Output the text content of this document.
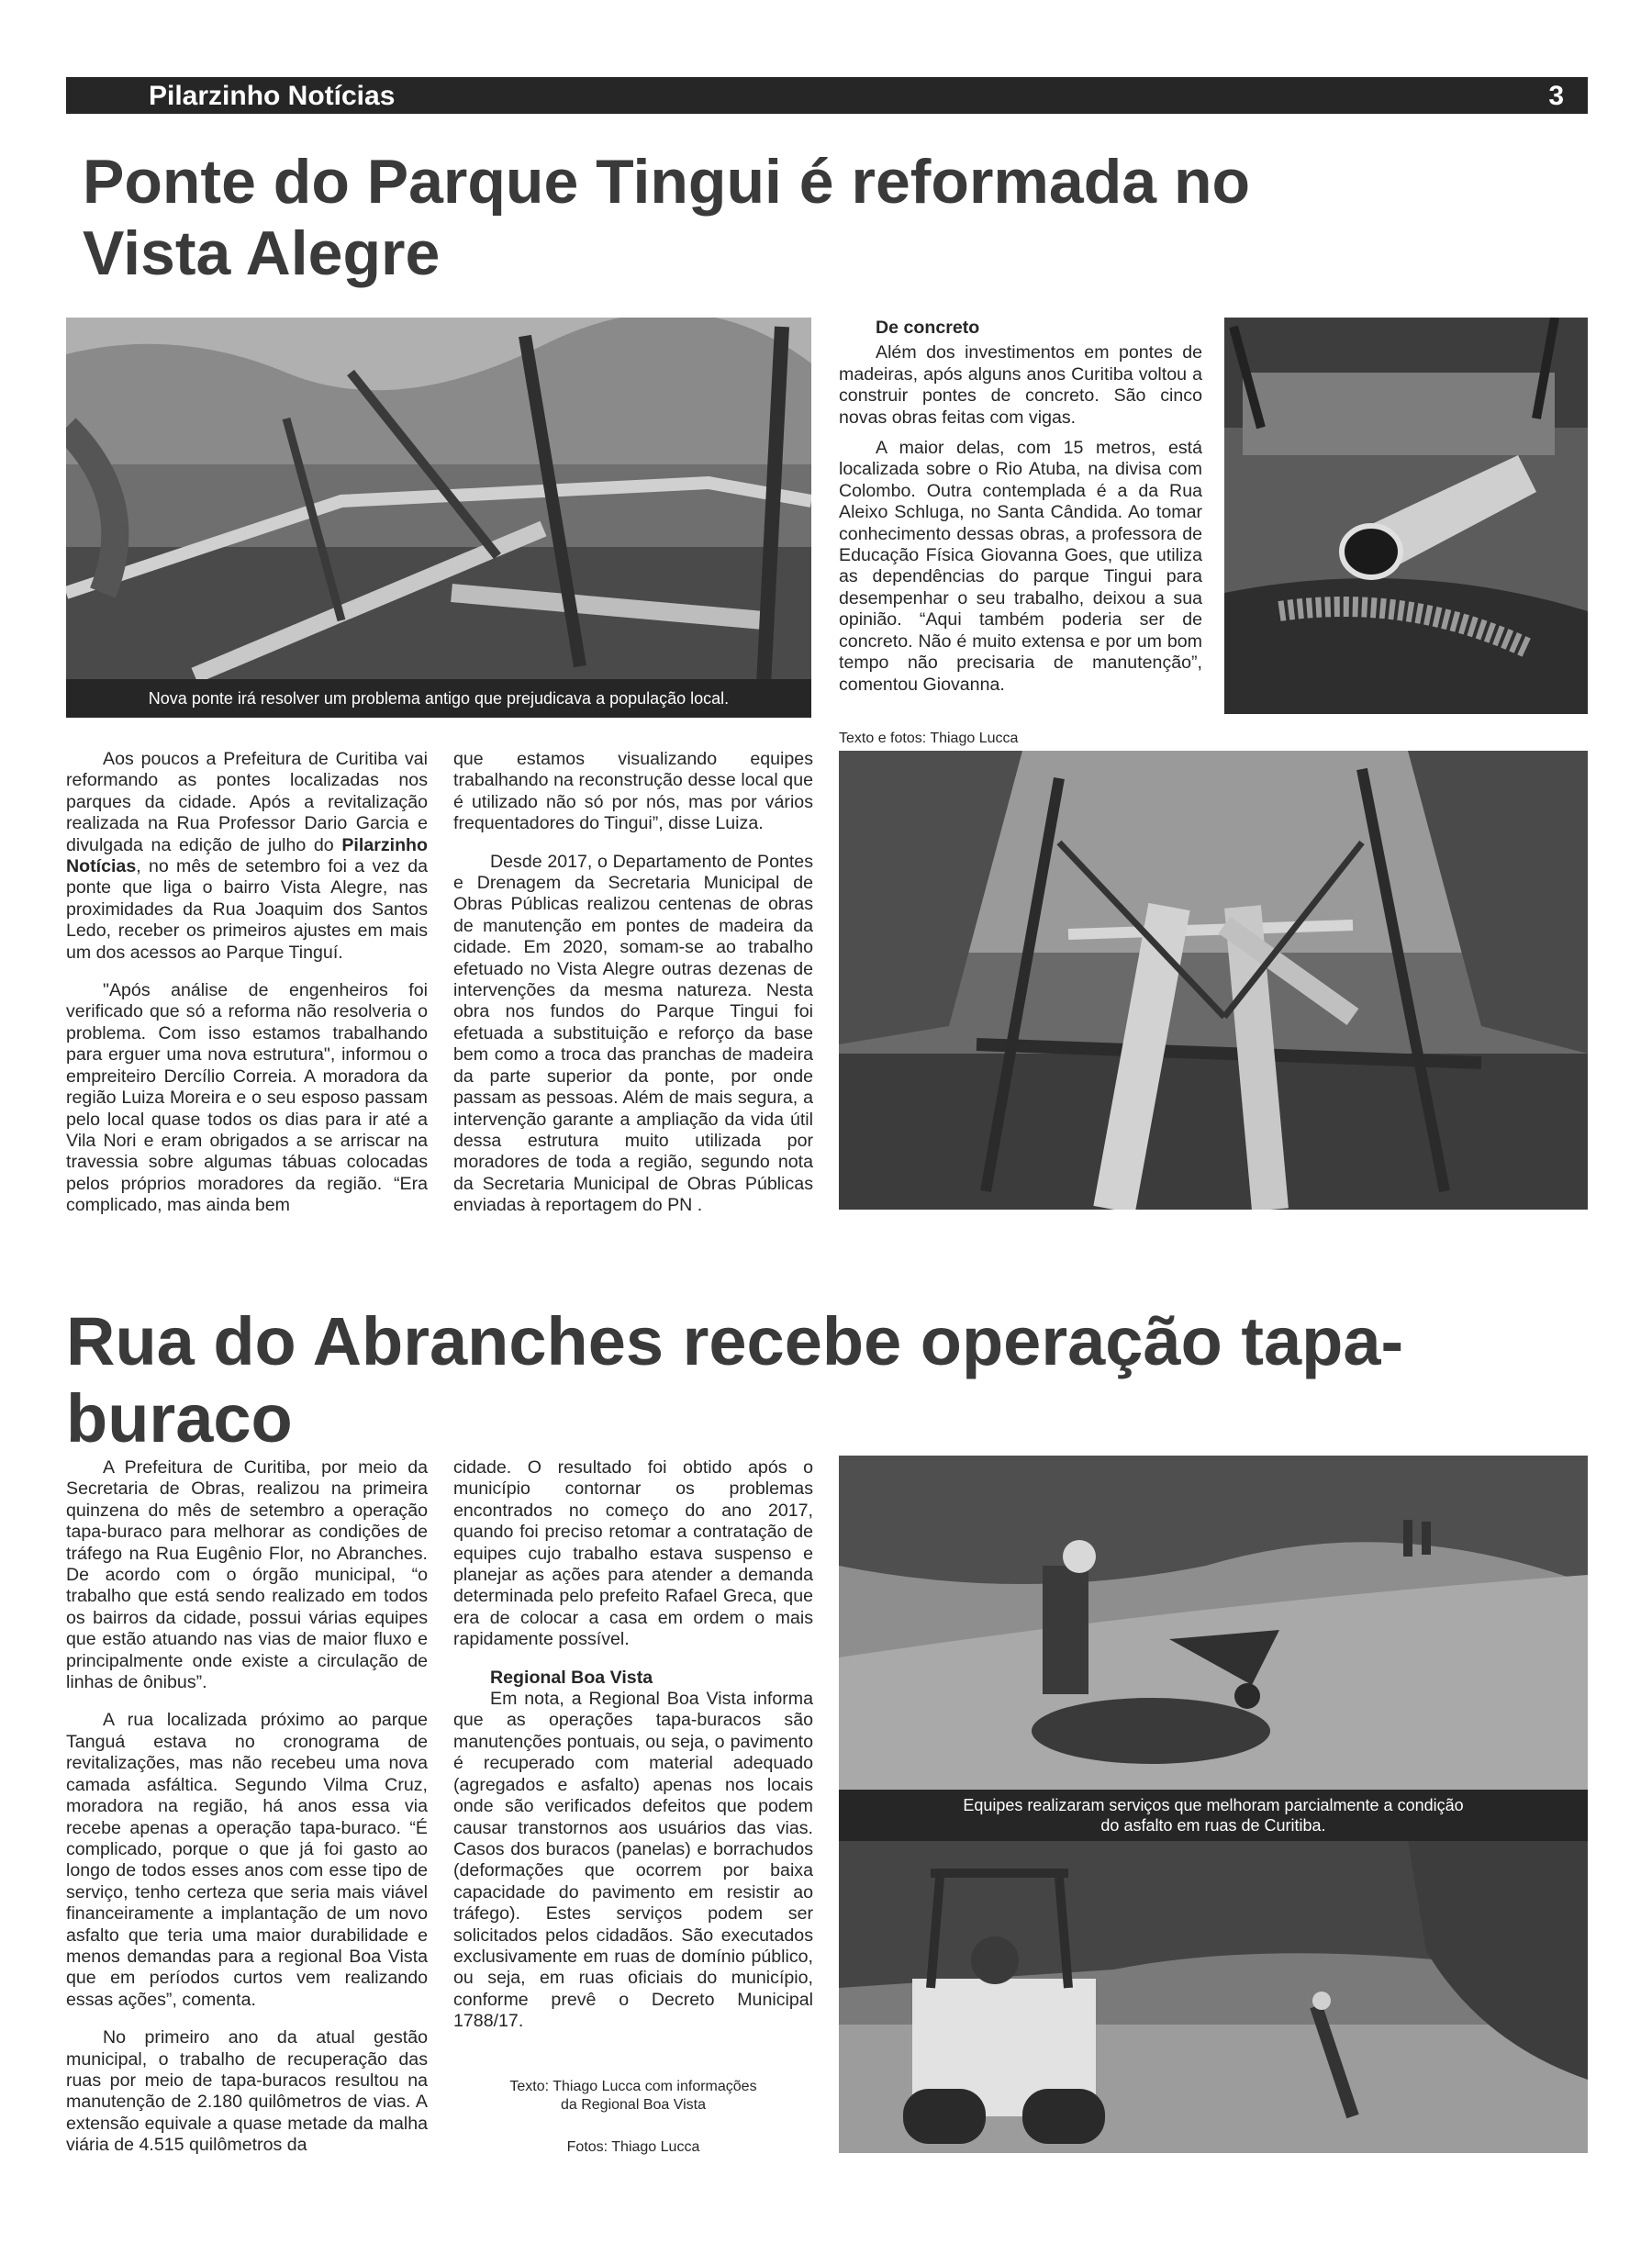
Pilarzinho Notícias	3
Ponte do Parque Tingui é reformada no Vista Alegre
Nova ponte irá resolver um problema antigo que prejudicava a população local.

Aos poucos a Prefeitura de Curitiba vai reformando as pontes localizadas nos parques da cidade. Após a revitalização realizada na Rua Professor Dario Garcia e divulgada na edição de julho do Pilarzinho Notícias, no mês de setembro foi a vez da ponte que liga o bairro Vista Alegre, nas proximidades da Rua Joaquim dos Santos Ledo, receber os primeiros ajustes em mais um dos acessos ao Parque Tinguí.

"Após análise de engenheiros foi verificado que só a reforma não resolveria o problema. Com isso estamos trabalhando para erguer uma nova estrutura", informou o empreiteiro Dercílio Correia. A moradora da região Luiza Moreira e o seu esposo passam pelo local quase todos os dias para ir até a Vila Nori e eram obrigados a se arriscar na travessia sobre algumas tábuas colocadas pelos próprios moradores da região. “Era complicado, mas ainda bem

que estamos visualizando equipes trabalhando na reconstrução desse local que é utilizado não só por nós, mas por vários frequentadores do Tingui”, disse Luiza.

Desde 2017, o Departamento de Pontes e Drenagem da Secretaria Municipal de Obras Públicas realizou centenas de obras de manutenção em pontes de madeira da cidade. Em 2020, somam-se ao trabalho efetuado no Vista Alegre outras dezenas de intervenções da mesma natureza. Nesta obra nos fundos do Parque Tingui foi efetuada a substituição e reforço da base bem como a troca das pranchas de madeira da parte superior da ponte, por onde passam as pessoas. Além de mais segura, a intervenção garante a ampliação da vida útil dessa estrutura muito utilizada por moradores de toda a região, segundo nota da Secretaria Municipal de Obras Públicas enviadas à reportagem do PN .

De concreto

Além dos investimentos em pontes de madeiras, após alguns anos Curitiba voltou a construir pontes de concreto. São cinco novas obras feitas com vigas.

A maior delas, com 15 metros, está localizada sobre o Rio Atuba, na divisa com Colombo. Outra contemplada é a da Rua Aleixo Schluga, no Santa Cândida. Ao tomar conhecimento dessas obras, a professora de Educação Física Giovanna Goes, que utiliza as dependências do parque Tingui para desempenhar o seu trabalho, deixou a sua opinião. “Aqui também poderia ser de concreto. Não é muito extensa e por um bom tempo não precisaria de manutenção”, comentou Giovanna.

Texto e fotos: Thiago Lucca
Rua do Abranches recebe operação tapa-buraco

A Prefeitura de Curitiba, por meio da Secretaria de Obras, realizou na primeira quinzena do mês de setembro a operação tapa-buraco para melhorar as condições de tráfego na Rua Eugênio Flor, no Abranches. De acordo com o órgão municipal, “o trabalho que está sendo realizado em todos os bairros da cidade, possui várias equipes que estão atuando nas vias de maior fluxo e principalmente onde existe a circulação de linhas de ônibus”.

A rua localizada próximo ao parque Tanguá estava no cronograma de revitalizações, mas não recebeu uma nova camada asfáltica. Segundo Vilma Cruz, moradora na região, há anos essa via recebe apenas a operação tapa-buraco. “É complicado, porque o que já foi gasto ao longo de todos esses anos com esse tipo de serviço, tenho certeza que seria mais viável financeiramente a implantação de um novo asfalto que teria uma maior durabilidade e menos demandas para a regional Boa Vista que em períodos curtos vem realizando essas ações”, comenta.

No primeiro ano da atual gestão municipal, o trabalho de recuperação das ruas por meio de tapa-buracos resultou na manutenção de 2.180 quilômetros de vias. A extensão equivale a quase metade da malha viária de 4.515 quilômetros da

cidade. O resultado foi obtido após o município contornar os problemas encontrados no começo do ano 2017, quando foi preciso retomar a contratação de equipes cujo trabalho estava suspenso e planejar as ações para atender a demanda determinada pelo prefeito Rafael Greca, que era de colocar a casa em ordem o mais rapidamente possível.

Regional Boa Vista

Em nota, a Regional Boa Vista informa que as operações tapa-buracos são manutenções pontuais, ou seja, o pavimento é recuperado com material adequado (agregados e asfalto) apenas nos locais onde são verificados defeitos que podem causar transtornos aos usuários das vias. Casos dos buracos (panelas) e borrachudos (deformações que ocorrem por baixa capacidade do pavimento em resistir ao tráfego). Estes serviços podem ser solicitados pelos cidadãos. São executados exclusivamente em ruas de domínio público, ou seja, em ruas oficiais do município, conforme prevê o Decreto Municipal 1788/17.

Texto: Thiago Lucca com informações
da Regional Boa Vista
Fotos: Thiago Lucca
Equipes realizaram serviços que melhoram parcialmente a condição
do asfalto em ruas de Curitiba.
